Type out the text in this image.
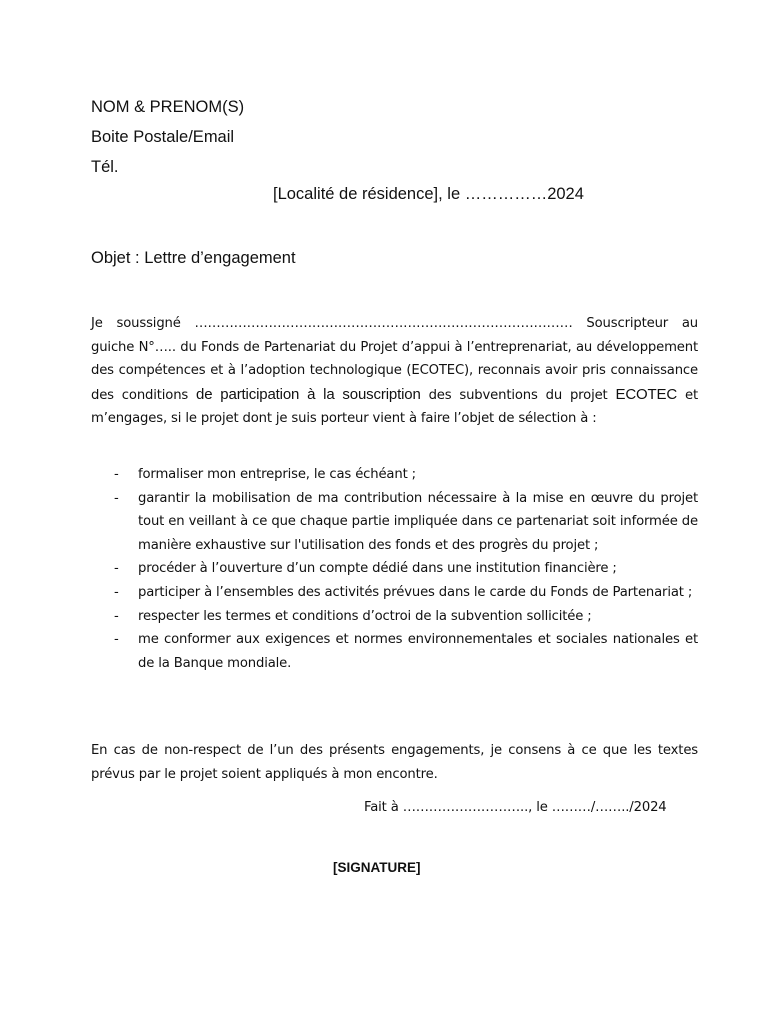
NOM & PRENOM(S)
Boite Postale/Email
Tél.
[Localité de résidence], le ……………2024
Objet : Lettre d’engagement
Je soussigné …………………………………………………………………………… Souscripteur au guiche N°….. du Fonds de Partenariat du Projet d’appui à l’entreprenariat, au développement des compétences et à l’adoption technologique (ECOTEC), reconnais avoir pris connaissance des conditions de participation à la souscription des subventions du projet ECOTEC et m’engages, si le projet dont je suis porteur vient à faire l’objet de sélection à :
- formaliser mon entreprise, le cas échéant ;
- garantir la mobilisation de ma contribution nécessaire à la mise en œuvre du projet tout en veillant à ce que chaque partie impliquée dans ce partenariat soit informée de manière exhaustive sur l'utilisation des fonds et des progrès du projet ;
- procéder à l’ouverture d’un compte dédié dans une institution financière ;
- participer à l’ensembles des activités prévues dans le carde du Fonds de Partenariat ;
- respecter les termes et conditions d’octroi de la subvention sollicitée ;
- me conformer aux exigences et normes environnementales et sociales nationales et de la Banque mondiale.
En cas de non-respect de l’un des présents engagements, je consens à ce que les textes prévus par le projet soient appliqués à mon encontre.
Fait à ……………………….., le ………/……../2024
[SIGNATURE]
